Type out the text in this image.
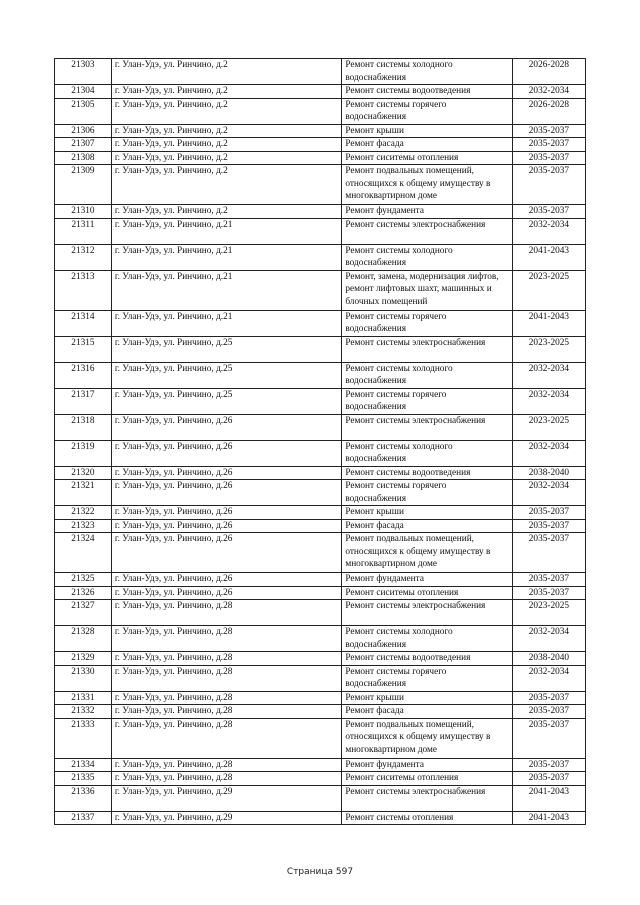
21303	г. Улан-Удэ, ул. Ринчино, д.2	Ремонт системы холодного водоснабжения	2026-2028
21304	г. Улан-Удэ, ул. Ринчино, д.2	Ремонт системы водоотведения	2032-2034
21305	г. Улан-Удэ, ул. Ринчино, д.2	Ремонт системы горячего водоснабжения	2026-2028
21306	г. Улан-Удэ, ул. Ринчино, д.2	Ремонт крыши	2035-2037
21307	г. Улан-Удэ, ул. Ринчино, д.2	Ремонт фасада	2035-2037
21308	г. Улан-Удэ, ул. Ринчино, д.2	Ремонт сиситемы отопления	2035-2037
21309	г. Улан-Удэ, ул. Ринчино, д.2	Ремонт подвальных помещений, относящихся к общему имуществу в многоквартирном доме	2035-2037
21310	г. Улан-Удэ, ул. Ринчино, д.2	Ремонт фундамента	2035-2037
21311	г. Улан-Удэ, ул. Ринчино, д.21	Ремонт системы электроснабжения	2032-2034
21312	г. Улан-Удэ, ул. Ринчино, д.21	Ремонт системы холодного водоснабжения	2041-2043
21313	г. Улан-Удэ, ул. Ринчино, д.21	Ремонт, замена, модернизация лифтов, ремонт лифтовых шахт, машинных и блочных помещений	2023-2025
21314	г. Улан-Удэ, ул. Ринчино, д.21	Ремонт системы горячего водоснабжения	2041-2043
21315	г. Улан-Удэ, ул. Ринчино, д.25	Ремонт системы электроснабжения	2023-2025
21316	г. Улан-Удэ, ул. Ринчино, д.25	Ремонт системы холодного водоснабжения	2032-2034
21317	г. Улан-Удэ, ул. Ринчино, д.25	Ремонт системы горячего водоснабжения	2032-2034
21318	г. Улан-Удэ, ул. Ринчино, д.26	Ремонт системы электроснабжения	2023-2025
21319	г. Улан-Удэ, ул. Ринчино, д.26	Ремонт системы холодного водоснабжения	2032-2034
21320	г. Улан-Удэ, ул. Ринчино, д.26	Ремонт системы водоотведения	2038-2040
21321	г. Улан-Удэ, ул. Ринчино, д.26	Ремонт системы горячего водоснабжения	2032-2034
21322	г. Улан-Удэ, ул. Ринчино, д.26	Ремонт крыши	2035-2037
21323	г. Улан-Удэ, ул. Ринчино, д.26	Ремонт фасада	2035-2037
21324	г. Улан-Удэ, ул. Ринчино, д.26	Ремонт подвальных помещений, относящихся к общему имуществу в многоквартирном доме	2035-2037
21325	г. Улан-Удэ, ул. Ринчино, д.26	Ремонт фундамента	2035-2037
21326	г. Улан-Удэ, ул. Ринчино, д.26	Ремонт сиситемы отопления	2035-2037
21327	г. Улан-Удэ, ул. Ринчино, д.28	Ремонт системы электроснабжения	2023-2025
21328	г. Улан-Удэ, ул. Ринчино, д.28	Ремонт системы холодного водоснабжения	2032-2034
21329	г. Улан-Удэ, ул. Ринчино, д.28	Ремонт системы водоотведения	2038-2040
21330	г. Улан-Удэ, ул. Ринчино, д.28	Ремонт системы горячего водоснабжения	2032-2034
21331	г. Улан-Удэ, ул. Ринчино, д.28	Ремонт крыши	2035-2037
21332	г. Улан-Удэ, ул. Ринчино, д.28	Ремонт фасада	2035-2037
21333	г. Улан-Удэ, ул. Ринчино, д.28	Ремонт подвальных помещений, относящихся к общему имуществу в многоквартирном доме	2035-2037
21334	г. Улан-Удэ, ул. Ринчино, д.28	Ремонт фундамента	2035-2037
21335	г. Улан-Удэ, ул. Ринчино, д.28	Ремонт сиситемы отопления	2035-2037
21336	г. Улан-Удэ, ул. Ринчино, д.29	Ремонт системы электроснабжения	2041-2043
21337	г. Улан-Удэ, ул. Ринчино, д.29	Ремонт системы отопления	2041-2043
Страница 597
